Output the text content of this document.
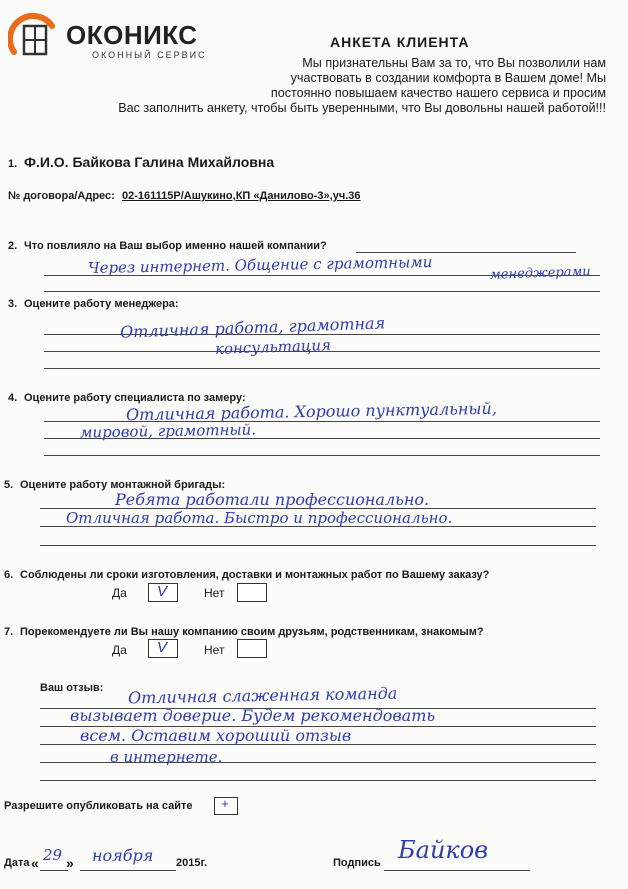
ОКОНИКС
ОКОННЫЙ СЕРВИС
АНКЕТА КЛИЕНТА
Мы признательны Вам за то, что Вы позволили нам
участвовать в создании комфорта в Вашем доме! Мы
постоянно повышаем качество нашего сервиса и просим
Вас заполнить анкету, чтобы быть уверенными, что Вы довольны нашей работой!!!
1. Ф.И.О. Байкова Галина Михайловна
№ договора/Адрес: 02-161115Р/Ашукино,КП «Данилово-3»,уч.36
2. Что повлияло на Ваш выбор именно нашей компании?
Через интернет. Общение с грамотными	менеджерами
3. Оцените работу менеджера:
Отличная работа, грамотная
консультация
4. Оцените работу специалиста по замеру:
Отличная работа. Хорошо пунктуальный,
мировой, грамотный.
5. Оцените работу монтажной бригады:
Ребята работали профессионально.
Отличная работа. Быстро и профессионально.
6. Соблюдены ли сроки изготовления, доставки и монтажных работ по Вашему заказу?
Да V	Нет
7. Порекомендуете ли Вы нашу компанию своим друзьям, родственникам, знакомым?
Да V	Нет
Ваш отзыв: Отличная слаженная команда
вызывает доверие. Будем рекомендовать
всем. Оставим хороший отзыв
в интернете.
Разрешите опубликовать на сайте +
Дата « 29 » ноября 2015г.	Подпись Байков
